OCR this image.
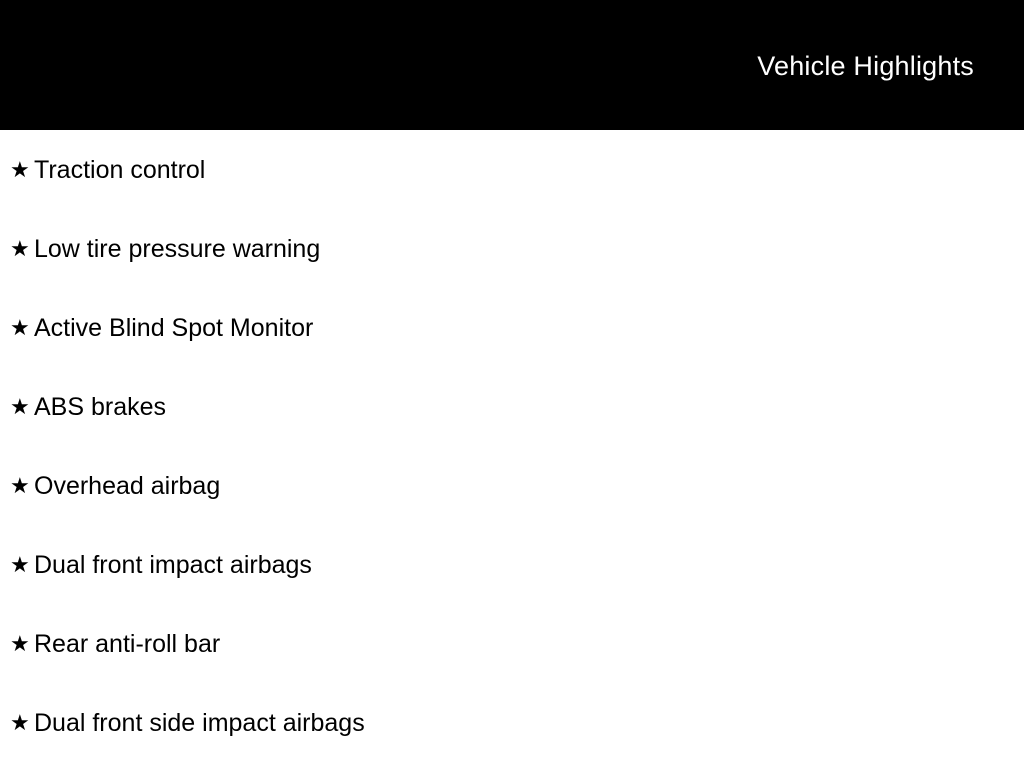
Vehicle Highlights
★ Traction control
★ Low tire pressure warning
★ Active Blind Spot Monitor
★ ABS brakes
★ Overhead airbag
★ Dual front impact airbags
★ Rear anti-roll bar
★ Dual front side impact airbags
